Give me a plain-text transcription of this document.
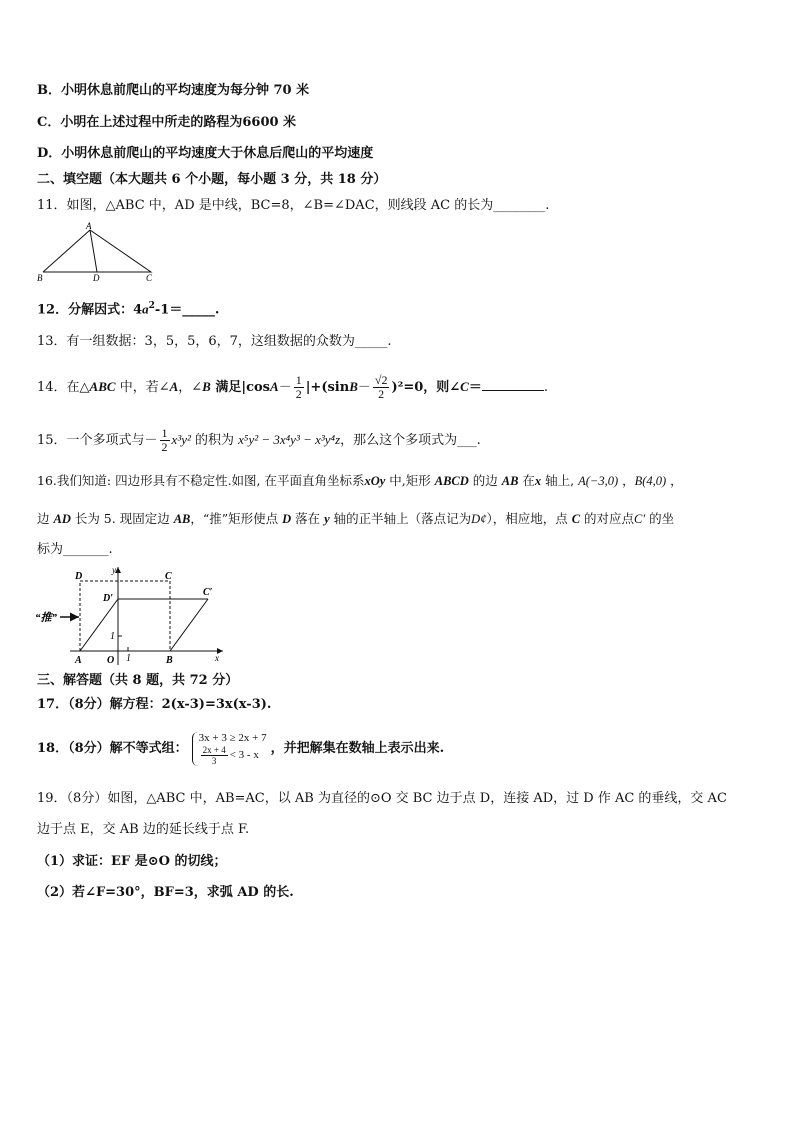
B．小明休息前爬山的平均速度为每分钟 70 米
C．小明在上述过程中所走的路程为6600 米
D．小明休息前爬山的平均速度大于休息后爬山的平均速度
二、填空题（本大题共 6 个小题，每小题 3 分，共 18 分）
11．如图，△ABC 中，AD 是中线，BC=8，∠B=∠DAC，则线段 AC 的长为________.
A
B	D	C
12．分解因式：$4a^2-1=\_\_\_\_\_$.
13．有一组数据：3，5，5，6，7，这组数据的众数为_____.
14．在△ABC 中，若∠A，∠B 满足$|\cos A- \frac{1}{2} |+(\sin B- \frac{√2}{2} )^2=0$，则∠C＝	.
15．一个多项式与－ $\frac{1}{2} x^3y^2$ 的积为 x⁵y² − 3x⁴y³ − x³y⁴z，那么这个多项式为___.
16.我们知道: 四边形具有不稳定性.如图, 在平面直角坐标系xOy 中,矩形 ABCD 的边 AB 在x 轴上, A(−3,0) ，B(4,0) ，
边 AD 长为 5. 现固定边 AB，“推”矩形使点 D 落在 y 轴的正半轴上（落点记为D¢），相应地，点 C 的对应点C′ 的坐
标为_______.
D	C
D′
C′
A	O 1
1
B	x
y
“推”
三、解答题（共 8 题，共 72 分）
17．（8分）解方程：2(x-3)=3x(x-3).
18．（8分）解不等式组：
3x + 3 ≥ 2x + 7
$\frac{2x + 4}{3} < 3 - x$ ，并把解集在数轴上表示出来.
19．（8分）如图，△ABC 中，AB=AC，以 AB 为直径的⊙O 交 BC 边于点 D，连接 AD，过 D 作 AC 的垂线，交 AC
边于点 E，交 AB 边的延长线于点 F.
（1）求证：EF 是⊙O 的切线；
（2）若∠F=30°，BF=3，求弧 AD 的长.
